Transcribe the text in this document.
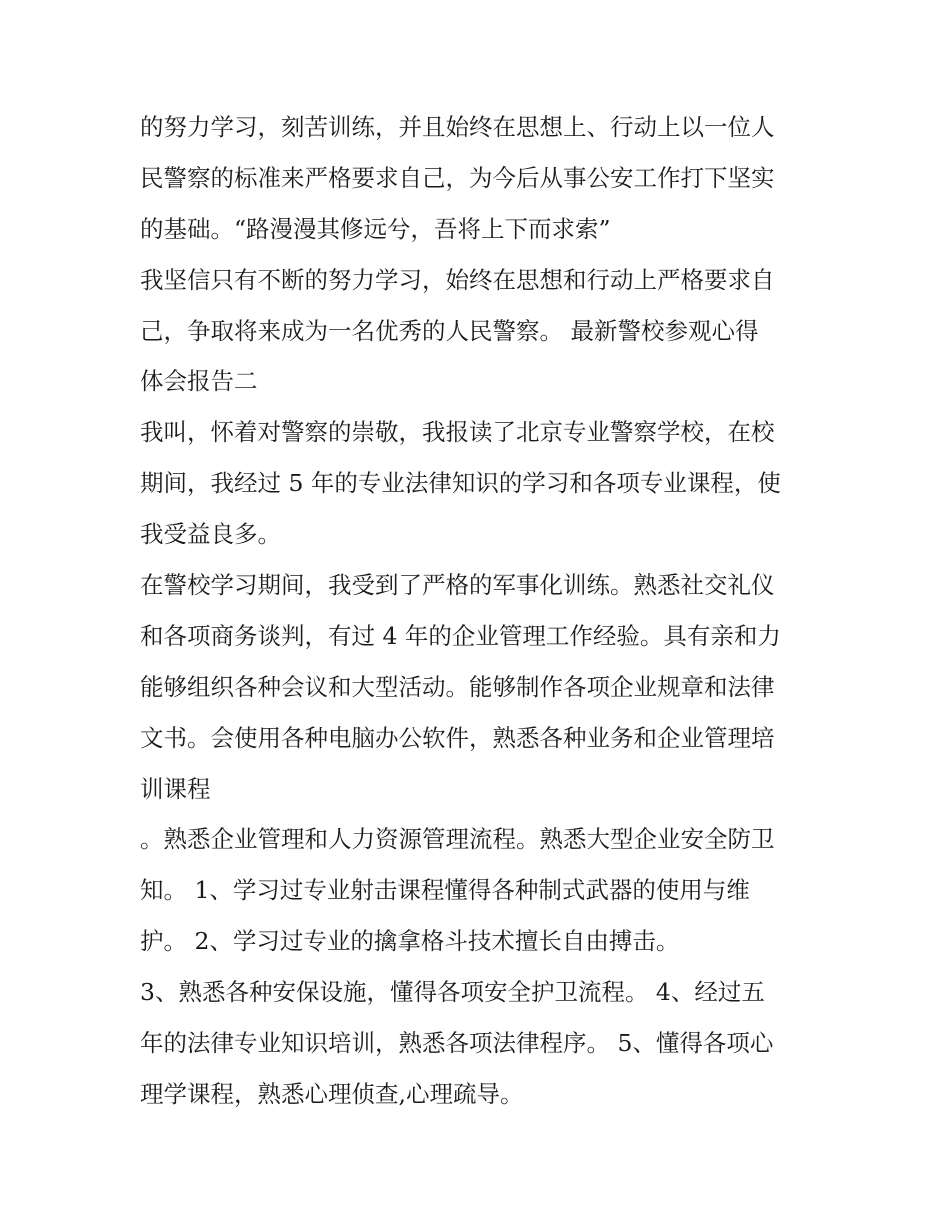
的努力学习，刻苦训练，并且始终在思想上、行动上以一位人
民警察的标准来严格要求自己，为今后从事公安工作打下坚实
的基础。“路漫漫其修远兮，吾将上下而求索”
我坚信只有不断的努力学习，始终在思想和行动上严格要求自
己，争取将来成为一名优秀的人民警察。 最新警校参观心得
体会报告二
我叫，怀着对警察的崇敬，我报读了北京专业警察学校，在校
期间，我经过 5 年的专业法律知识的学习和各项专业课程，使
我受益良多。
在警校学习期间，我受到了严格的军事化训练。熟悉社交礼仪
和各项商务谈判，有过 4 年的企业管理工作经验。具有亲和力
能够组织各种会议和大型活动。能够制作各项企业规章和法律
文书。会使用各种电脑办公软件，熟悉各种业务和企业管理培
训课程
。熟悉企业管理和人力资源管理流程。熟悉大型企业安全防卫
知。 1、学习过专业射击课程懂得各种制式武器的使用与维
护。 2、学习过专业的擒拿格斗技术擅长自由搏击。
3、熟悉各种安保设施，懂得各项安全护卫流程。 4、经过五
年的法律专业知识培训，熟悉各项法律程序。 5、懂得各项心
理学课程，熟悉心理侦查,心理疏导。
